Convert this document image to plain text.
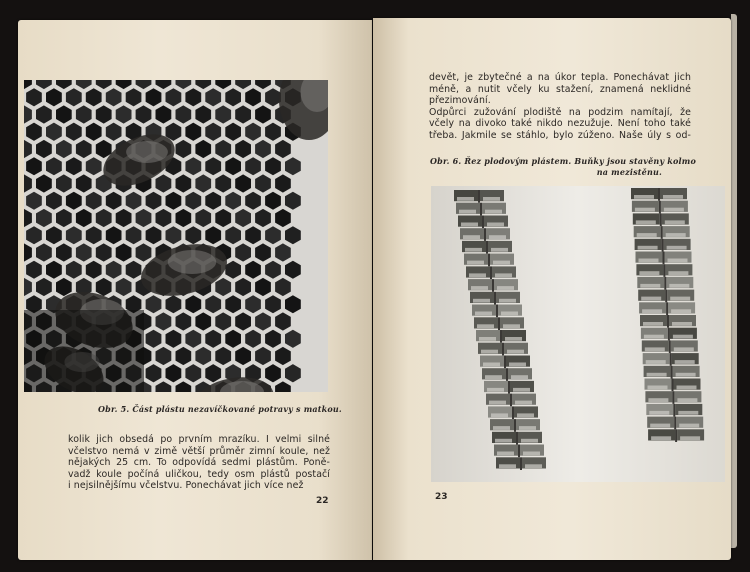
Obr. 5. Část plástu nezavíčkované potravy s matkou.
kolik jich obsedá po prvním mrazíku. I velmi silné
včelstvo nemá v zimě větší průměr zimní koule, než
nějakých 25 cm. To odpovídá sedmi plástům. Poně-
vadž koule počíná uličkou, tedy osm plástů postačí
i nejsilnějšímu včelstvu. Ponechávat jich více než
22
devět, je zbytečné a na úkor tepla. Ponechávat jich
méně, a nutit včely ku stažení, znamená neklidné
přezimování.
Odpůrci zužování plodiště na podzim namítají, že
včely na divoko také nikdo nezužuje. Není toho také
třeba. Jakmile se stáhlo, bylo zúženo. Naše úly s od-
Obr. 6. Řez plodovým plástem. Buňky jsou stavěny kolmo
na mezistěnu.
23
